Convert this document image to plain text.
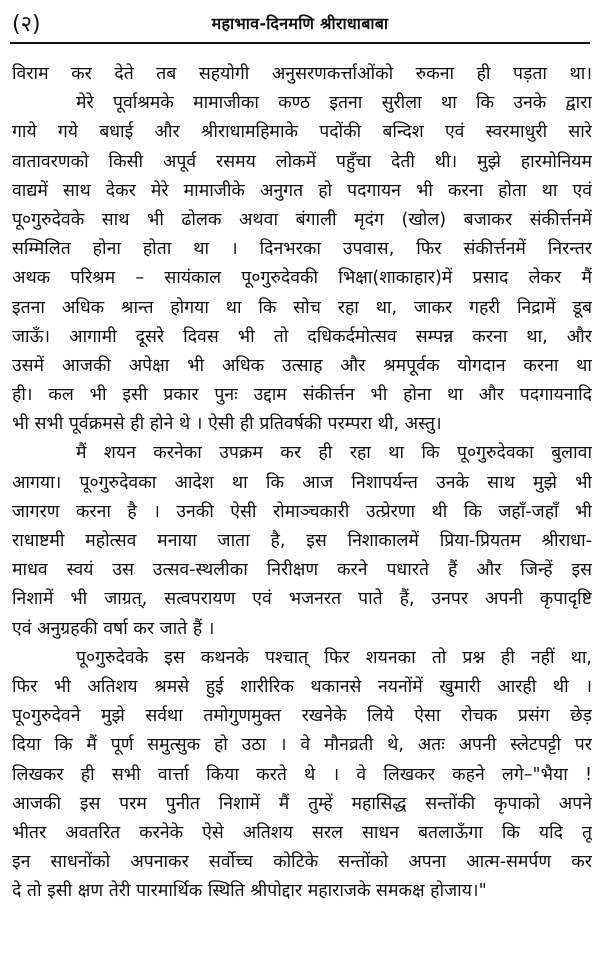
(२)	महाभाव-दिनमणि श्रीराधाबाबा
विराम कर देते तब सहयोगी अनुसरणकर्त्ताओंको रुकना ही पड़ता था।
मेरे पूर्वाश्रमके मामाजीका कण्ठ इतना सुरीला था कि उनके द्वारा
गाये गये बधाई और श्रीराधामहिमाके पदोंकी बन्दिश एवं स्वरमाधुरी सारे
वातावरणको किसी अपूर्व रसमय लोकमें पहुँचा देती थी। मुझे हारमोनियम
वाद्यमें साथ देकर मेरे मामाजीके अनुगत हो पदगायन भी करना होता था एवं
पू०गुरुदेवके साथ भी ढोलक अथवा बंगाली मृदंग (खोल) बजाकर संकीर्त्तनमें
सम्मिलित होना होता था । दिनभरका उपवास, फिर संकीर्त्तनमें निरन्तर
अथक परिश्रम – सायंकाल पू०गुरुदेवकी भिक्षा(शाकाहार)में प्रसाद लेकर मैं
इतना अधिक श्रान्त होगया था कि सोच रहा था, जाकर गहरी निद्रामें डूब
जाऊँ। आगामी दूसरे दिवस भी तो दधिकर्दमोत्सव सम्पन्न करना था, और
उसमें आजकी अपेक्षा भी अधिक उत्साह और श्रमपूर्वक योगदान करना था
ही। कल भी इसी प्रकार पुनः उद्दाम संकीर्त्तन भी होना था और पदगायनादि
भी सभी पूर्वक्रमसे ही होने थे । ऐसी ही प्रतिवर्षकी परम्परा थी, अस्तु।
मैं शयन करनेका उपक्रम कर ही रहा था कि पू०गुरुदेवका बुलावा
आगया। पू०गुरुदेवका आदेश था कि आज निशापर्यन्त उनके साथ मुझे भी
जागरण करना है । उनकी ऐसी रोमाञ्चकारी उत्प्रेरणा थी कि जहाँ-जहाँ भी
राधाष्टमी महोत्सव मनाया जाता है, इस निशाकालमें प्रिया-प्रियतम श्रीराधा-
माधव स्वयं उस उत्सव-स्थलीका निरीक्षण करने पधारते हैं और जिन्हें इस
निशामें भी जाग्रत्, सत्वपरायण एवं भजनरत पाते हैं, उनपर अपनी कृपादृष्टि
एवं अनुग्रहकी वर्षा कर जाते हैं ।
पू०गुरुदेवके इस कथनके पश्चात् फिर शयनका तो प्रश्न ही नहीं था,
फिर भी अतिशय श्रमसे हुई शारीरिक थकानसे नयनोंमें खुमारी आरही थी ।
पू०गुरुदेवने मुझे सर्वथा तमोगुणमुक्त रखनेके लिये ऐसा रोचक प्रसंग छेड़
दिया कि मैं पूर्ण समुत्सुक हो उठा । वे मौनव्रती थे, अतः अपनी स्लेटपट्टी पर
लिखकर ही सभी वार्त्ता किया करते थे । वे लिखकर कहने लगे–"भैया !
आजकी इस परम पुनीत निशामें मैं तुम्हें महासिद्ध सन्तोंकी कृपाको अपने
भीतर अवतरित करनेके ऐसे अतिशय सरल साधन बतलाऊँगा कि यदि तू
इन साधनोंको अपनाकर सर्वोच्च कोटिके सन्तोंको अपना आत्म-समर्पण कर
दे तो इसी क्षण तेरी पारमार्थिक स्थिति श्रीपोद्दार महाराजके समकक्ष होजाय।"
